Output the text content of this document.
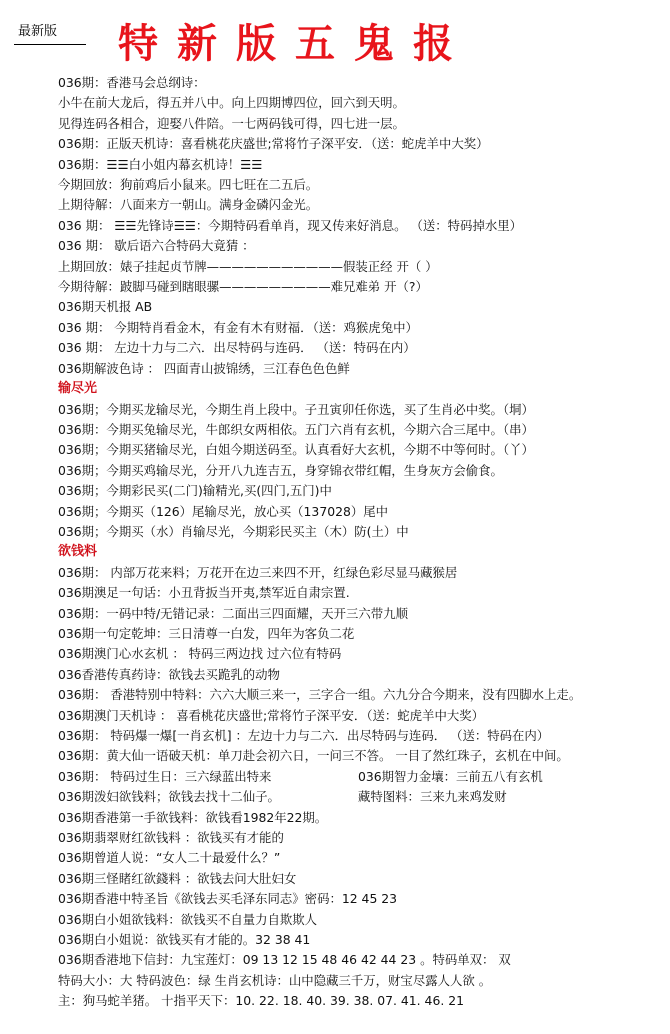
最新版 特新版五鬼报
036期：香港马会总纲诗：
小牛在前大龙后，得五并八中。向上四期博四位，回六到天明。
见得连码各相合，迎娶八件陪。一七两码钱可得，四七进一层。
036期：正版天机诗：喜看桃花庆盛世;常将竹子深平安．（送：蛇虎羊中大奖）
036期：☰☰白小姐内幕玄机诗！☰☰
今期回放：狗前鸡后小鼠来。四七旺在二五后。
上期待解：八面来方一朝山。满身金磷闪金光。
036 期： ☰☰先锋诗☰☰：今期特码看单肖，现又传来好消息。 （送：特码掉水里）
036 期： 歇后语六合特码大竟猜 ：
上期回放：婊子挂起贞节牌———————————假装正经 开（ ）
今期待解：跛脚马碰到瞎眼骡—————————难兄难弟 开（?）
036期天机报 AB
036 期： 今期特肖看金木，有金有木有财福．（送：鸡猴虎兔中）
036 期： 左边十力与二六．出尽特码与连码． （送：特码在内）
036期解波色诗 ： 四面青山披锦绣，三江春色色色鲜
输尽光
036期；今期买龙输尽光，今期生肖上段中。子丑寅卯任你选，买了生肖必中奖。（垌）
036期：今期买兔输尽光，牛郎织女两相依。五门六肖有玄机，今期六合三尾中。（串）
036期；今期买猪输尽光，白姐今期送码至。认真看好大玄机，今期不中等何时。（丫）
036期；今期买鸡输尽光，分开八九连吉五，身穿锦衣带红帽，生身灰方会偷食。
036期；今期彩民买(二门)输精光,买(四门,五门)中
036期；今期买（126）尾输尽光，放心买（137028）尾中
036期；今期买（水）肖输尽光，今期彩民买主（木）防(土）中
欲钱料
036期： 内部万花来料；万花开在边三来四不开，红绿色彩尽显马藏猴居
036期澳足一句话：小丑背扳当开夷,禁军近自肃宗置.
036期：一码中特/无错记录：二面出三四面耀，天开三六带九顺
036期一句定乾坤：三日清尊一白发，四年为客负二花
036期澳门心水玄机 ： 特码三两边找 过六位有特码
036香港传真药诗：欲钱去买跪乳的动物
036期： 香港特别中特料：六六大顺三来一，三字合一组。六九分合今期来，没有四脚水上走。
036期澳门天机诗 ： 喜看桃花庆盛世;常将竹子深平安．（送：蛇虎羊中大奖）
036期： 特码爆一爆[一肖玄机] ：左边十力与二六．出尽特码与连码． （送：特码在内）
036期：黄大仙一语破天机：单刀赴会初六日，一问三不答。 一目了然红珠子，玄机在中间。
036期： 特码过生日：三六绿蓝出特来	036期智力金壤：三前五八有玄机
036期泼妇欲钱料；欲钱去找十二仙子。	藏特图料：三来九来鸡发财
036期香港第一手欲钱料：欲钱看1982年22期。
036期翡翠财红欲钱料 ：欲钱买有才能的
036期曾道人说：“女人二十最爱什么？”
036期三怪睹红欲錢料 ：欲钱去问大肚妇女
036期香港中特圣旨《欲钱去买毛泽东同志》密码：12 45 23
036期白小姐欲钱料：欲钱买不自量力自欺欺人
036期白小姐说：欲钱买有才能的。32 38 41
036期香港地下信封：九宝莲灯：09 13 12 15 48 46 42 44 23 。特码单双： 双
特码大小：大 特码波色：绿 生肖玄机诗：山中隐藏三千万，财宝尽露人人欲 。
主：狗马蛇羊猪。 十指平天下：10. 22. 18. 40. 39. 38. 07. 41. 46. 21
